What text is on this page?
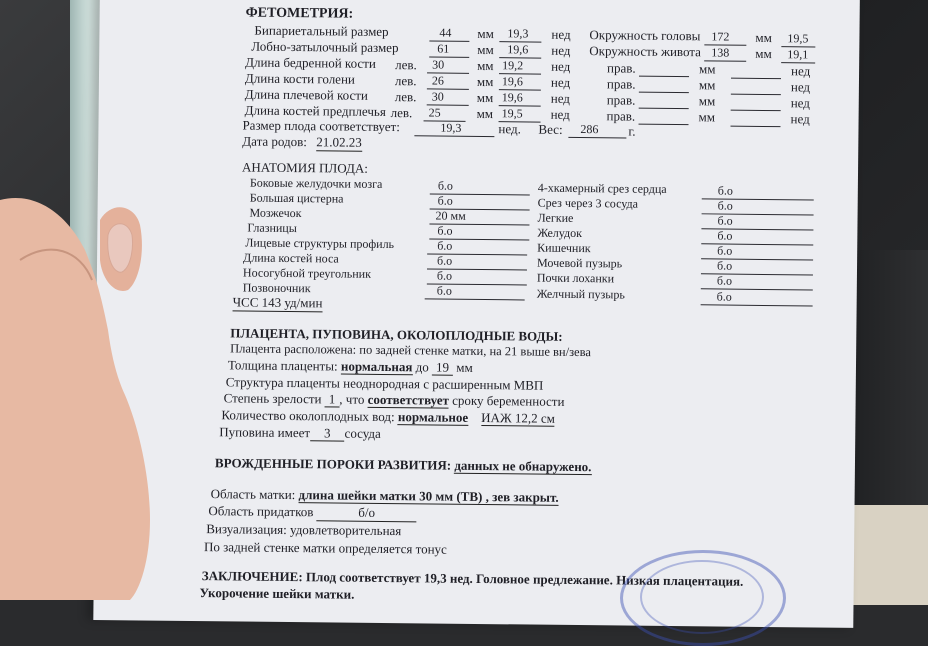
ФЕТОМЕТРИЯ:
Бипариетальный размер	44 мм 19,3 нед Окружность головы 172 мм 19,5
Лобно-затылочный размер	61 мм 19,6 нед Окружность живота 138 мм 19,1
Длина бедренной кости лев. 30	мм 19,2 нед	прав.	мм	нед
Длина кости голени	лев. 26	мм 19,6 нед	прав.	мм	нед
Длина плечевой кости лев. 30	мм 19,6 нед	прав.	мм	нед
Длина костей предплечья лев. 25	мм 19,5 нед	прав.	мм	нед
Размер плода соответствует:	19,3	нед. Вес: 286 г.
Дата родов: 21.02.23
АНАТОМИЯ ПЛОДА:
Боковые желудочки мозга	б.о
Большая цистерна	б.о
Мозжечок	20 мм
Глазницы	б.о
Лицевые структуры профиль	б.о
Длина костей носа	б.о
Носогубной треугольник	б.о
Позвоночник	б.о
4-хкамерный срез сердца	б.о
Срез через 3 сосуда	б.о
Легкие	б.о
Желудок	б.о
Кишечник	б.о
Мочевой пузырь	б.о
Почки лоханки	б.о
Желчный пузырь	б.о
ЧСС 143 уд/мин
ПЛАЦЕНТА, ПУПОВИНА, ОКОЛОПЛОДНЫЕ ВОДЫ:
Плацента расположена: по задней стенке матки, на 21 выше вн/зева
Толщина плаценты: нормальная до 19 мм
Структура плаценты неоднородная с расширенным МВП
Степень зрелости 1 , что соответствует сроку беременности
Количество околоплодных вод: нормальное ИАЖ 12,2 см
Пуповина имеет 3 сосуда
ВРОЖДЕННЫЕ ПОРОКИ РАЗВИТИЯ: данных не обнаружено.
Область матки: длина шейки матки 30 мм (ТВ) , зев закрыт.
Область придатков	б/о
Визуализация: удовлетворительная
По задней стенке матки определяется тонус
ЗАКЛЮЧЕНИЕ: Плод соответствует 19,3 нед. Головное предлежание. Низкая плацентация.
Укорочение шейки матки.
